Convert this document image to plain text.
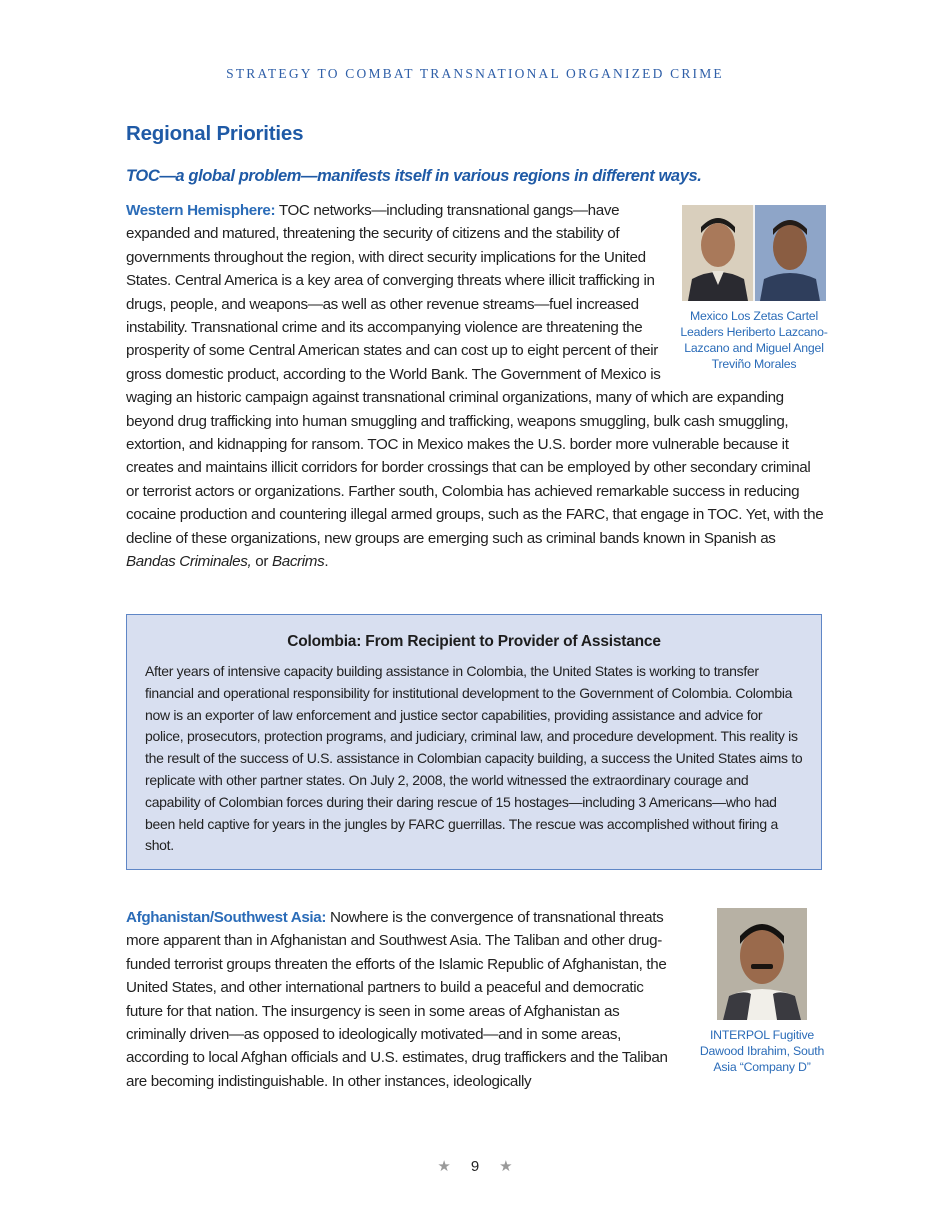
STRATEGY TO COMBAT TRANSNATIONAL ORGANIZED CRIME
Regional Priorities
TOC—a global problem—manifests itself in various regions in different ways.
Mexico Los Zetas Cartel Leaders Heriberto Lazcano-Lazcano and Miguel Angel Treviño Morales

Western Hemisphere: TOC networks—including transnational gangs—have expanded and matured, threatening the security of citizens and the stability of governments throughout the region, with direct security implications for the United States. Central America is a key area of converging threats where illicit trafficking in drugs, people, and weapons—as well as other revenue streams—fuel increased instability. Transnational crime and its accompanying violence are threatening the prosperity of some Central American states and can cost up to eight percent of their gross domestic product, according to the World Bank. The Government of Mexico is waging an historic campaign against transnational criminal organizations, many of which are expanding beyond drug trafficking into human smuggling and trafficking, weapons smuggling, bulk cash smuggling, extortion, and kidnapping for ransom. TOC in Mexico makes the U.S. border more vulnerable because it creates and maintains illicit corridors for border crossings that can be employed by other secondary criminal or terrorist actors or organizations. Farther south, Colombia has achieved remarkable success in reducing cocaine production and countering illegal armed groups, such as the FARC, that engage in TOC. Yet, with the decline of these organizations, new groups are emerging such as criminal bands known in Spanish as Bandas Criminales, or Bacrims.

Colombia: From Recipient to Provider of Assistance

After years of intensive capacity building assistance in Colombia, the United States is working to transfer financial and operational responsibility for institutional development to the Government of Colombia. Colombia now is an exporter of law enforcement and justice sector capabilities, providing assistance and advice for police, prosecutors, protection programs, and judiciary, criminal law, and procedure development. This reality is the result of the success of U.S. assistance in Colombian capacity building, a success the United States aims to replicate with other partner states. On July 2, 2008, the world witnessed the extraordinary courage and capability of Colombian forces during their daring rescue of 15 hostages—including 3 Americans—who had been held captive for years in the jungles by FARC guerrillas. The rescue was accomplished without firing a shot.

INTERPOL Fugitive Dawood Ibrahim, South Asia “Company D”

Afghanistan/Southwest Asia: Nowhere is the convergence of transnational threats more apparent than in Afghanistan and Southwest Asia. The Taliban and other drug-funded terrorist groups threaten the efforts of the Islamic Republic of Afghanistan, the United States, and other international partners to build a peaceful and democratic future for that nation. The insurgency is seen in some areas of Afghanistan as criminally driven—as opposed to ideologically motivated—and in some areas, according to local Afghan officials and U.S. estimates, drug traffickers and the Taliban are becoming indistinguishable. In other instances, ideologically

★ 9 ★
